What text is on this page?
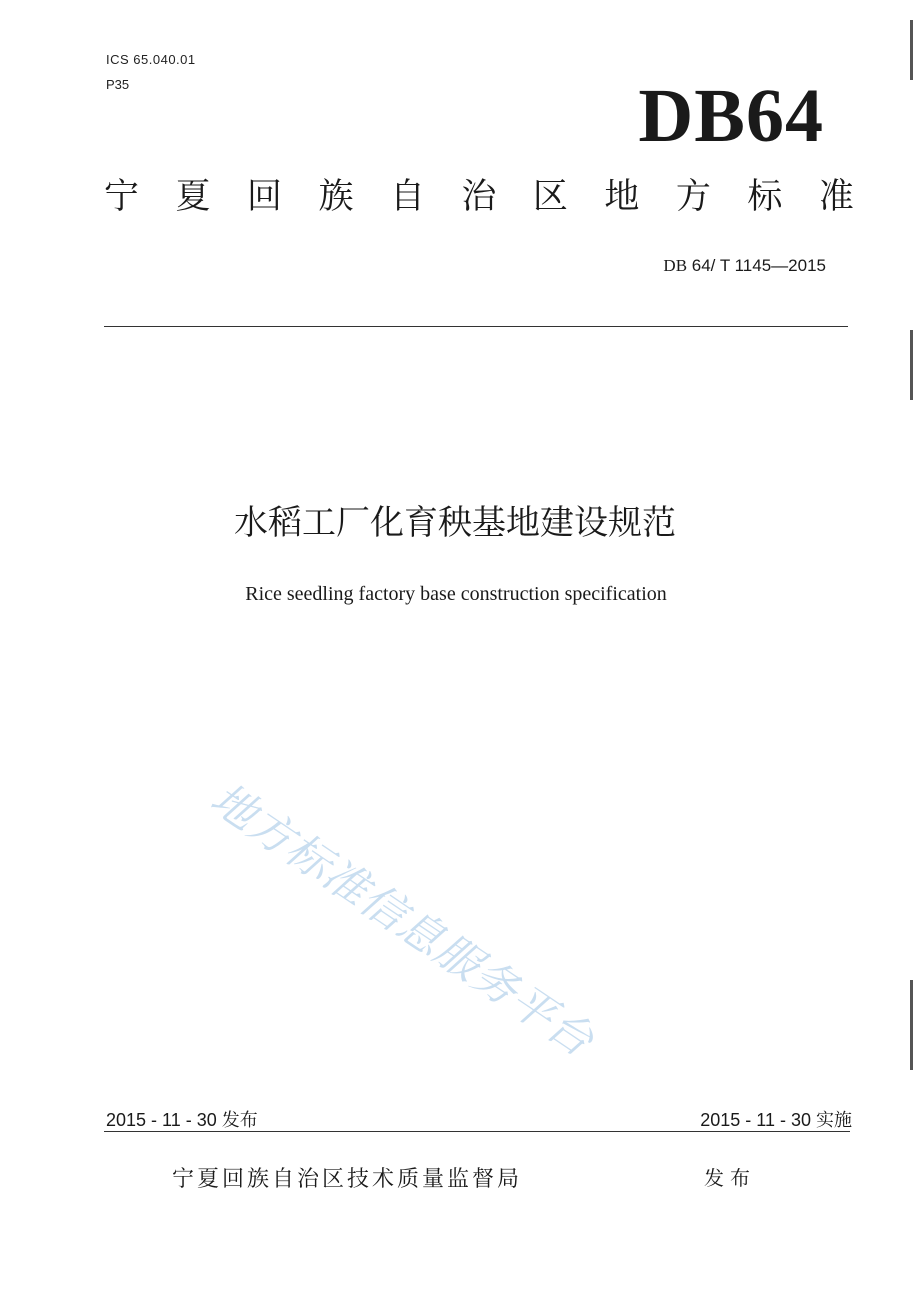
ICS 65.040.01
P35	DB64
宁 夏 回 族 自 治 区 地 方 标 准
DB 64/ T 1145—2015
水稻工厂化育秧基地建设规范
Rice seedling factory base construction specification
地方标准信息服务平台
2015 - 11 - 30 发布	2015 - 11 - 30 实施
宁夏回族自治区技术质量监督局	发布
